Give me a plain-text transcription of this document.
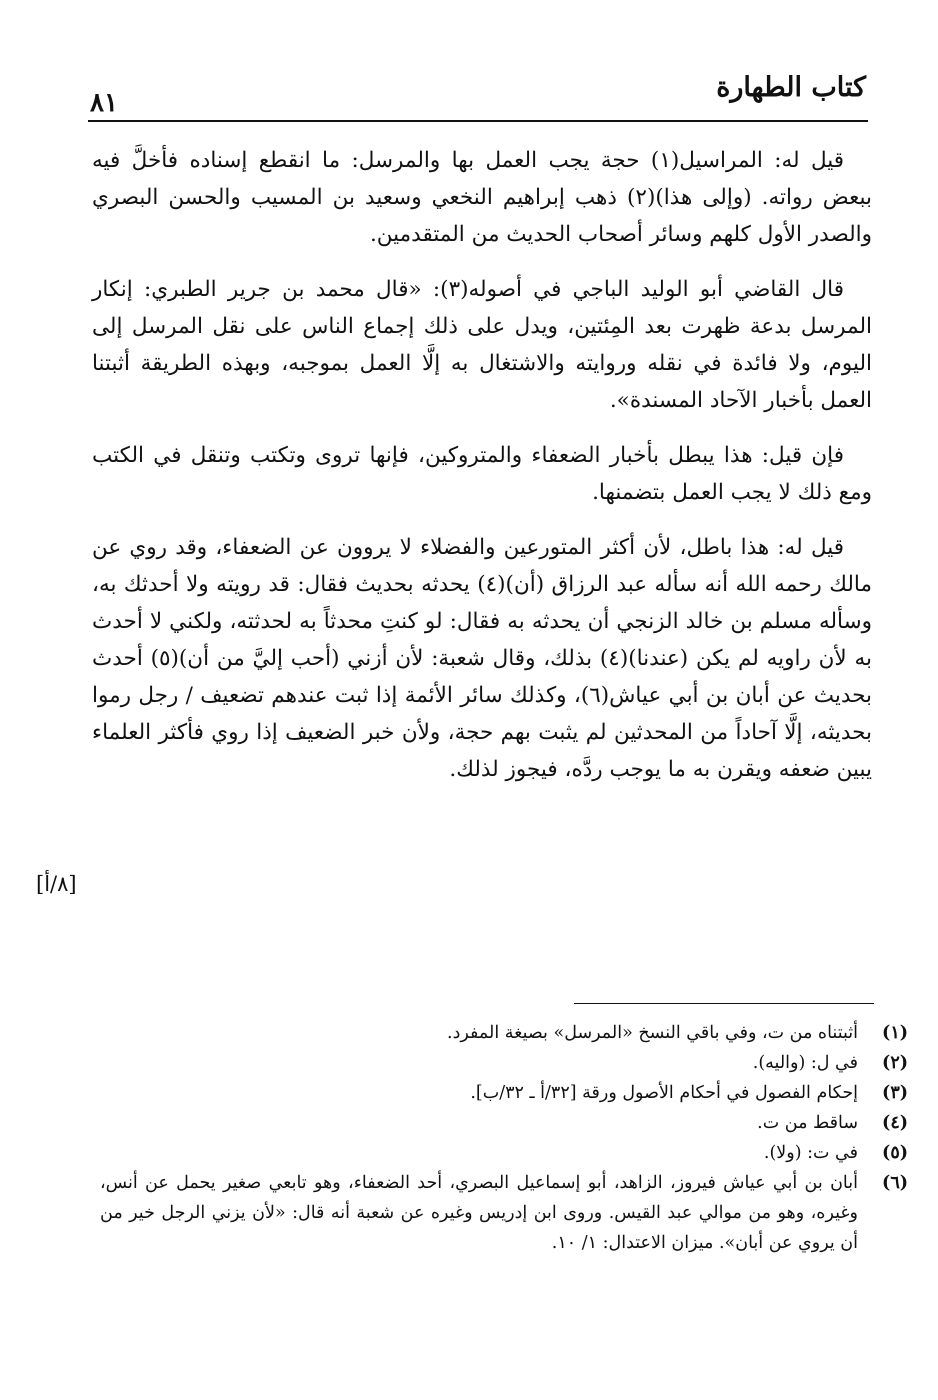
كتاب الطهارة
٨١

قيل له: المراسيل(١) حجة يجب العمل بها والمرسل: ما انقطع إسناده فأخلَّ فيه ببعض رواته. (وإلى هذا)(٢) ذهب إبراهيم النخعي وسعيد بن المسيب والحسن البصري والصدر الأول كلهم وسائر أصحاب الحديث من المتقدمين.

قال القاضي أبو الوليد الباجي في أصوله(٣): «قال محمد بن جرير الطبري: إنكار المرسل بدعة ظهرت بعد المِئتين، ويدل على ذلك إجماع الناس على نقل المرسل إلى اليوم، ولا فائدة في نقله وروايته والاشتغال به إلَّا العمل بموجبه، وبهذه الطريقة أثبتنا العمل بأخبار الآحاد المسندة».

فإن قيل: هذا يبطل بأخبار الضعفاء والمتروكين، فإنها تروى وتكتب وتنقل في الكتب ومع ذلك لا يجب العمل بتضمنها.

قيل له: هذا باطل، لأن أكثر المتورعين والفضلاء لا يروون عن الضعفاء، وقد روي عن مالك رحمه الله أنه سأله عبد الرزاق (أن)(٤) يحدثه بحديث فقال: قد رويته ولا أحدثك به، وسأله مسلم بن خالد الزنجي أن يحدثه به فقال: لو كنتِ محدثاً به لحدثته، ولكني لا أحدث به لأن راويه لم يكن (عندنا)(٤) بذلك، وقال شعبة: لأن أزني (أحب إليَّ من أن)(٥) أحدث بحديث عن أبان بن أبي عياش(٦)، وكذلك سائر الأئمة إذا ثبت عندهم تضعيف / رجل رموا بحديثه، إلَّا آحاداً من المحدثين لم يثبت بهم حجة، ولأن خبر الضعيف إذا روي فأكثر العلماء يبين ضعفه ويقرن به ما يوجب ردَّه، فيجوز لذلك.

[٨/أ]
(١)
أثبتناه من ت، وفي باقي النسخ «المرسل» بصيغة المفرد.
(٢)
في ل: (واليه).
(٣)
إحكام الفصول في أحكام الأصول ورقة [٣٢/أ ـ ٣٢/ب].
(٤)
ساقط من ت.
(٥)
في ت: (ولا).
(٦)
أبان بن أبي عياش فيروز، الزاهد، أبو إسماعيل البصري، أحد الضعفاء، وهو تابعي صغير يحمل عن أنس، وغيره، وهو من موالي عبد القيس. وروى ابن إدريس وغيره عن شعبة أنه قال: «لأن يزني الرجل خير من أن يروي عن أبان». ميزان الاعتدال: ١/ ١٠.
